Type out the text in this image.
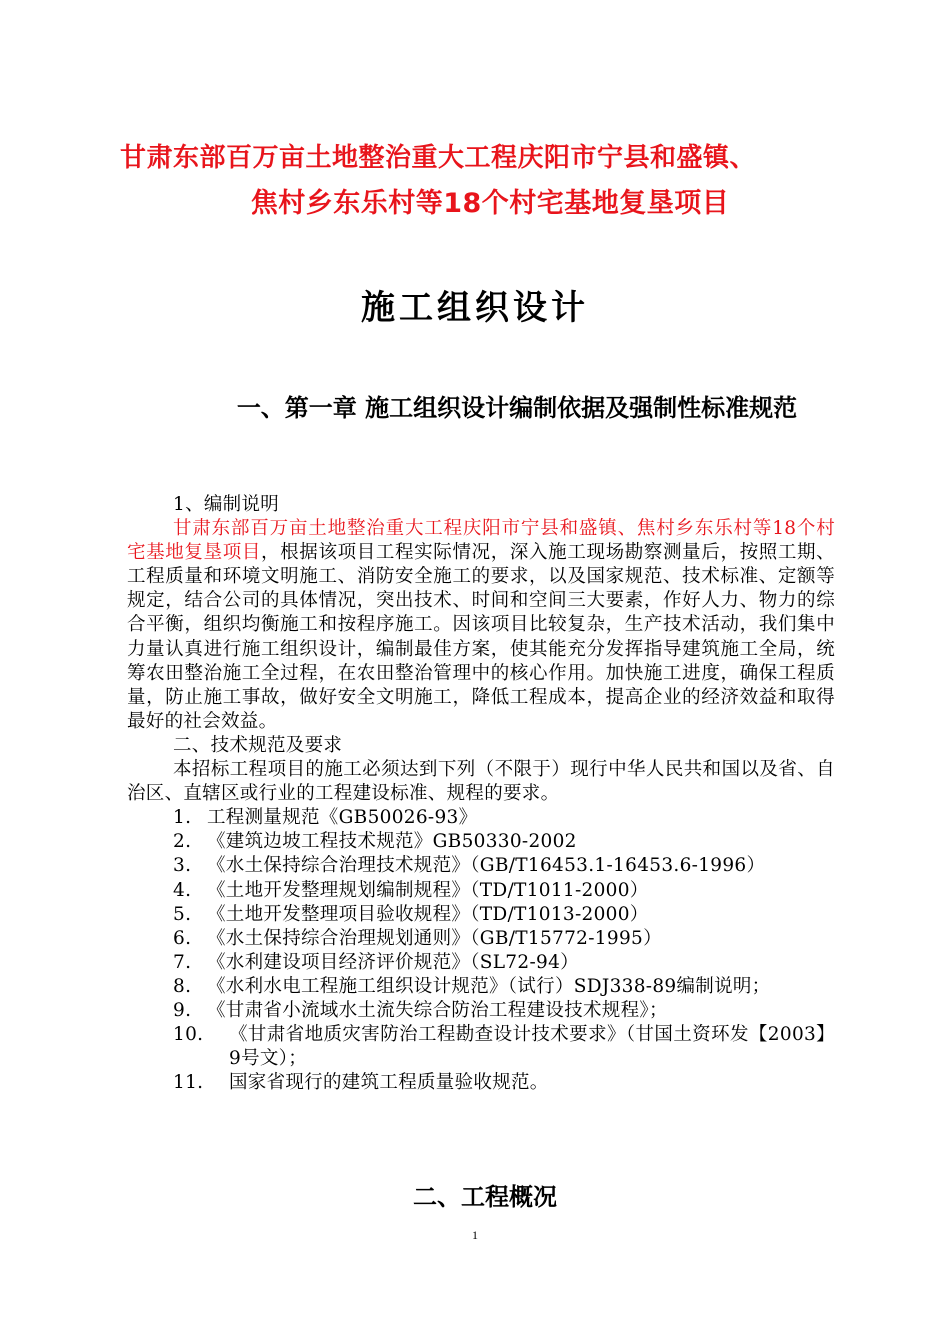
甘肃东部百万亩土地整治重大工程庆阳市宁县和盛镇、
焦村乡东乐村等18个村宅基地复垦项目
施工组织设计
一、第一章 施工组织设计编制依据及强制性标准规范

1、编制说明

甘肃东部百万亩土地整治重大工程庆阳市宁县和盛镇、焦村乡东乐村等18个村宅基地复垦项目，根据该项目工程实际情况，深入施工现场勘察测量后，按照工期、工程质量和环境文明施工、消防安全施工的要求，以及国家规范、技术标准、定额等规定，结合公司的具体情况，突出技术、时间和空间三大要素，作好人力、物力的综合平衡，组织均衡施工和按程序施工。因该项目比较复杂，生产技术活动，我们集中力量认真进行施工组织设计，编制最佳方案，使其能充分发挥指导建筑施工全局，统筹农田整治施工全过程，在农田整治管理中的核心作用。加快施工进度，确保工程质量，防止施工事故，做好安全文明施工，降低工程成本，提高企业的经济效益和取得最好的社会效益。

二、技术规范及要求

本招标工程项目的施工必须达到下列（不限于）现行中华人民共和国以及省、自治区、直辖区或行业的工程建设标准、规程的要求。

1. 工程测量规范《GB50026-93》
2. 《建筑边坡工程技术规范》GB50330-2002
3. 《水土保持综合治理技术规范》（GB/T16453.1-16453.6-1996）
4. 《土地开发整理规划编制规程》（TD/T1011-2000）
5. 《土地开发整理项目验收规程》（TD/T1013-2000）
6. 《水土保持综合治理规划通则》（GB/T15772-1995）
7. 《水利建设项目经济评价规范》（SL72-94）
8. 《水利水电工程施工组织设计规范》（试行）SDJ338-89编制说明；
9. 《甘肃省小流域水土流失综合防治工程建设技术规程》；
10.	《甘肃省地质灾害防治工程勘查设计技术要求》（甘国土资环发【2003】9号文）；
11.	国家省现行的建筑工程质量验收规范。
二、工程概况
1
